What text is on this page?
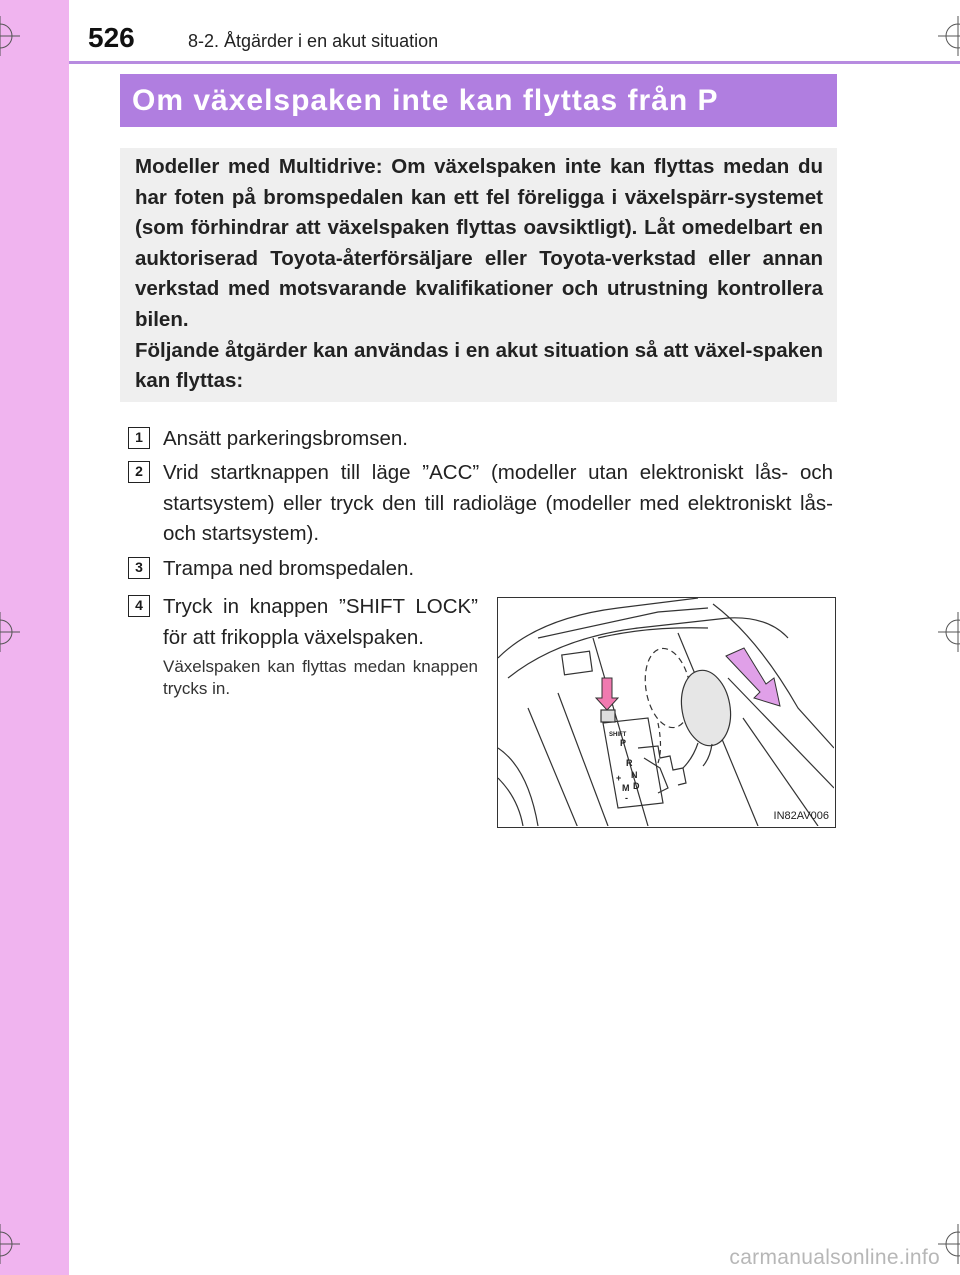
526	8-2. Åtgärder i en akut situation
Om växelspaken inte kan flyttas från P

Modeller med Multidrive: Om växelspaken inte kan flyttas medan du har foten på bromspedalen kan ett fel föreligga i växelspärr-systemet (som förhindrar att växelspaken flyttas oavsiktligt). Låt omedelbart en auktoriserad Toyota-återförsäljare eller Toyota-verkstad eller annan verkstad med motsvarande kvalifikationer och utrustning kontrollera bilen.

Följande åtgärder kan användas i en akut situation så att växel-spaken kan flyttas:

1 Ansätt parkeringsbromsen.
2 Vrid startknappen till läge ”ACC” (modeller utan elektroniskt lås- och startsystem) eller tryck den till radioläge (modeller med elektroniskt lås- och startsystem).
3 Trampa ned bromspedalen.
4 Tryck in knappen ”SHIFT LOCK” för att frikoppla växelspaken.
Växelspaken kan flyttas medan knappen trycks in.
SHIFT
P
R
N
D
M
+
-
IN82AV006
carmanualsonline.info
